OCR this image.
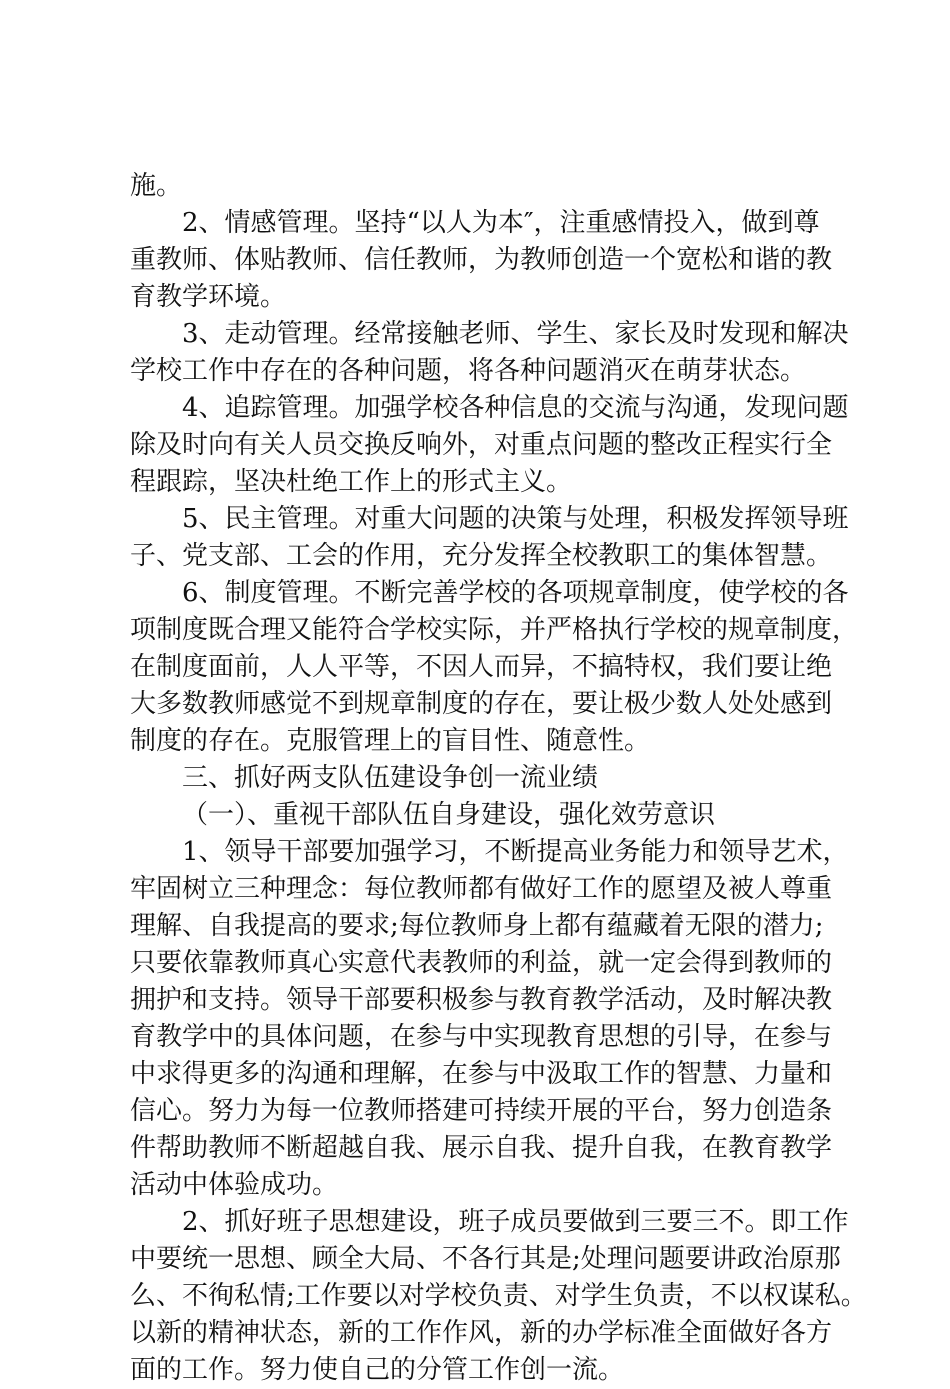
施。
2、情感管理。坚持“以人为本″，注重感情投入，做到尊
重教师、体贴教师、信任教师，为教师创造一个宽松和谐的教
育教学环境。
3、走动管理。经常接触老师、学生、家长及时发现和解决
学校工作中存在的各种问题，将各种问题消灭在萌芽状态。
4、追踪管理。加强学校各种信息的交流与沟通，发现问题
除及时向有关人员交换反响外，对重点问题的整改正程实行全
程跟踪，坚决杜绝工作上的形式主义。
5、民主管理。对重大问题的决策与处理，积极发挥领导班
子、党支部、工会的作用，充分发挥全校教职工的集体智慧。
6、制度管理。不断完善学校的各项规章制度，使学校的各
项制度既合理又能符合学校实际，并严格执行学校的规章制度，
在制度面前，人人平等，不因人而异，不搞特权，我们要让绝
大多数教师感觉不到规章制度的存在，要让极少数人处处感到
制度的存在。克服管理上的盲目性、随意性。
三、抓好两支队伍建设争创一流业绩
（一）、重视干部队伍自身建设，强化效劳意识
1、领导干部要加强学习，不断提高业务能力和领导艺术，
牢固树立三种理念：每位教师都有做好工作的愿望及被人尊重
理解、自我提高的要求;每位教师身上都有蕴藏着无限的潜力;
只要依靠教师真心实意代表教师的利益，就一定会得到教师的
拥护和支持。领导干部要积极参与教育教学活动，及时解决教
育教学中的具体问题，在参与中实现教育思想的引导，在参与
中求得更多的沟通和理解，在参与中汲取工作的智慧、力量和
信心。努力为每一位教师搭建可持续开展的平台，努力创造条
件帮助教师不断超越自我、展示自我、提升自我，在教育教学
活动中体验成功。
2、抓好班子思想建设，班子成员要做到三要三不。即工作
中要统一思想、顾全大局、不各行其是;处理问题要讲政治原那
么、不徇私情;工作要以对学校负责、对学生负责，不以权谋私。
以新的精神状态，新的工作作风，新的办学标准全面做好各方
面的工作。努力使自己的分管工作创一流。
